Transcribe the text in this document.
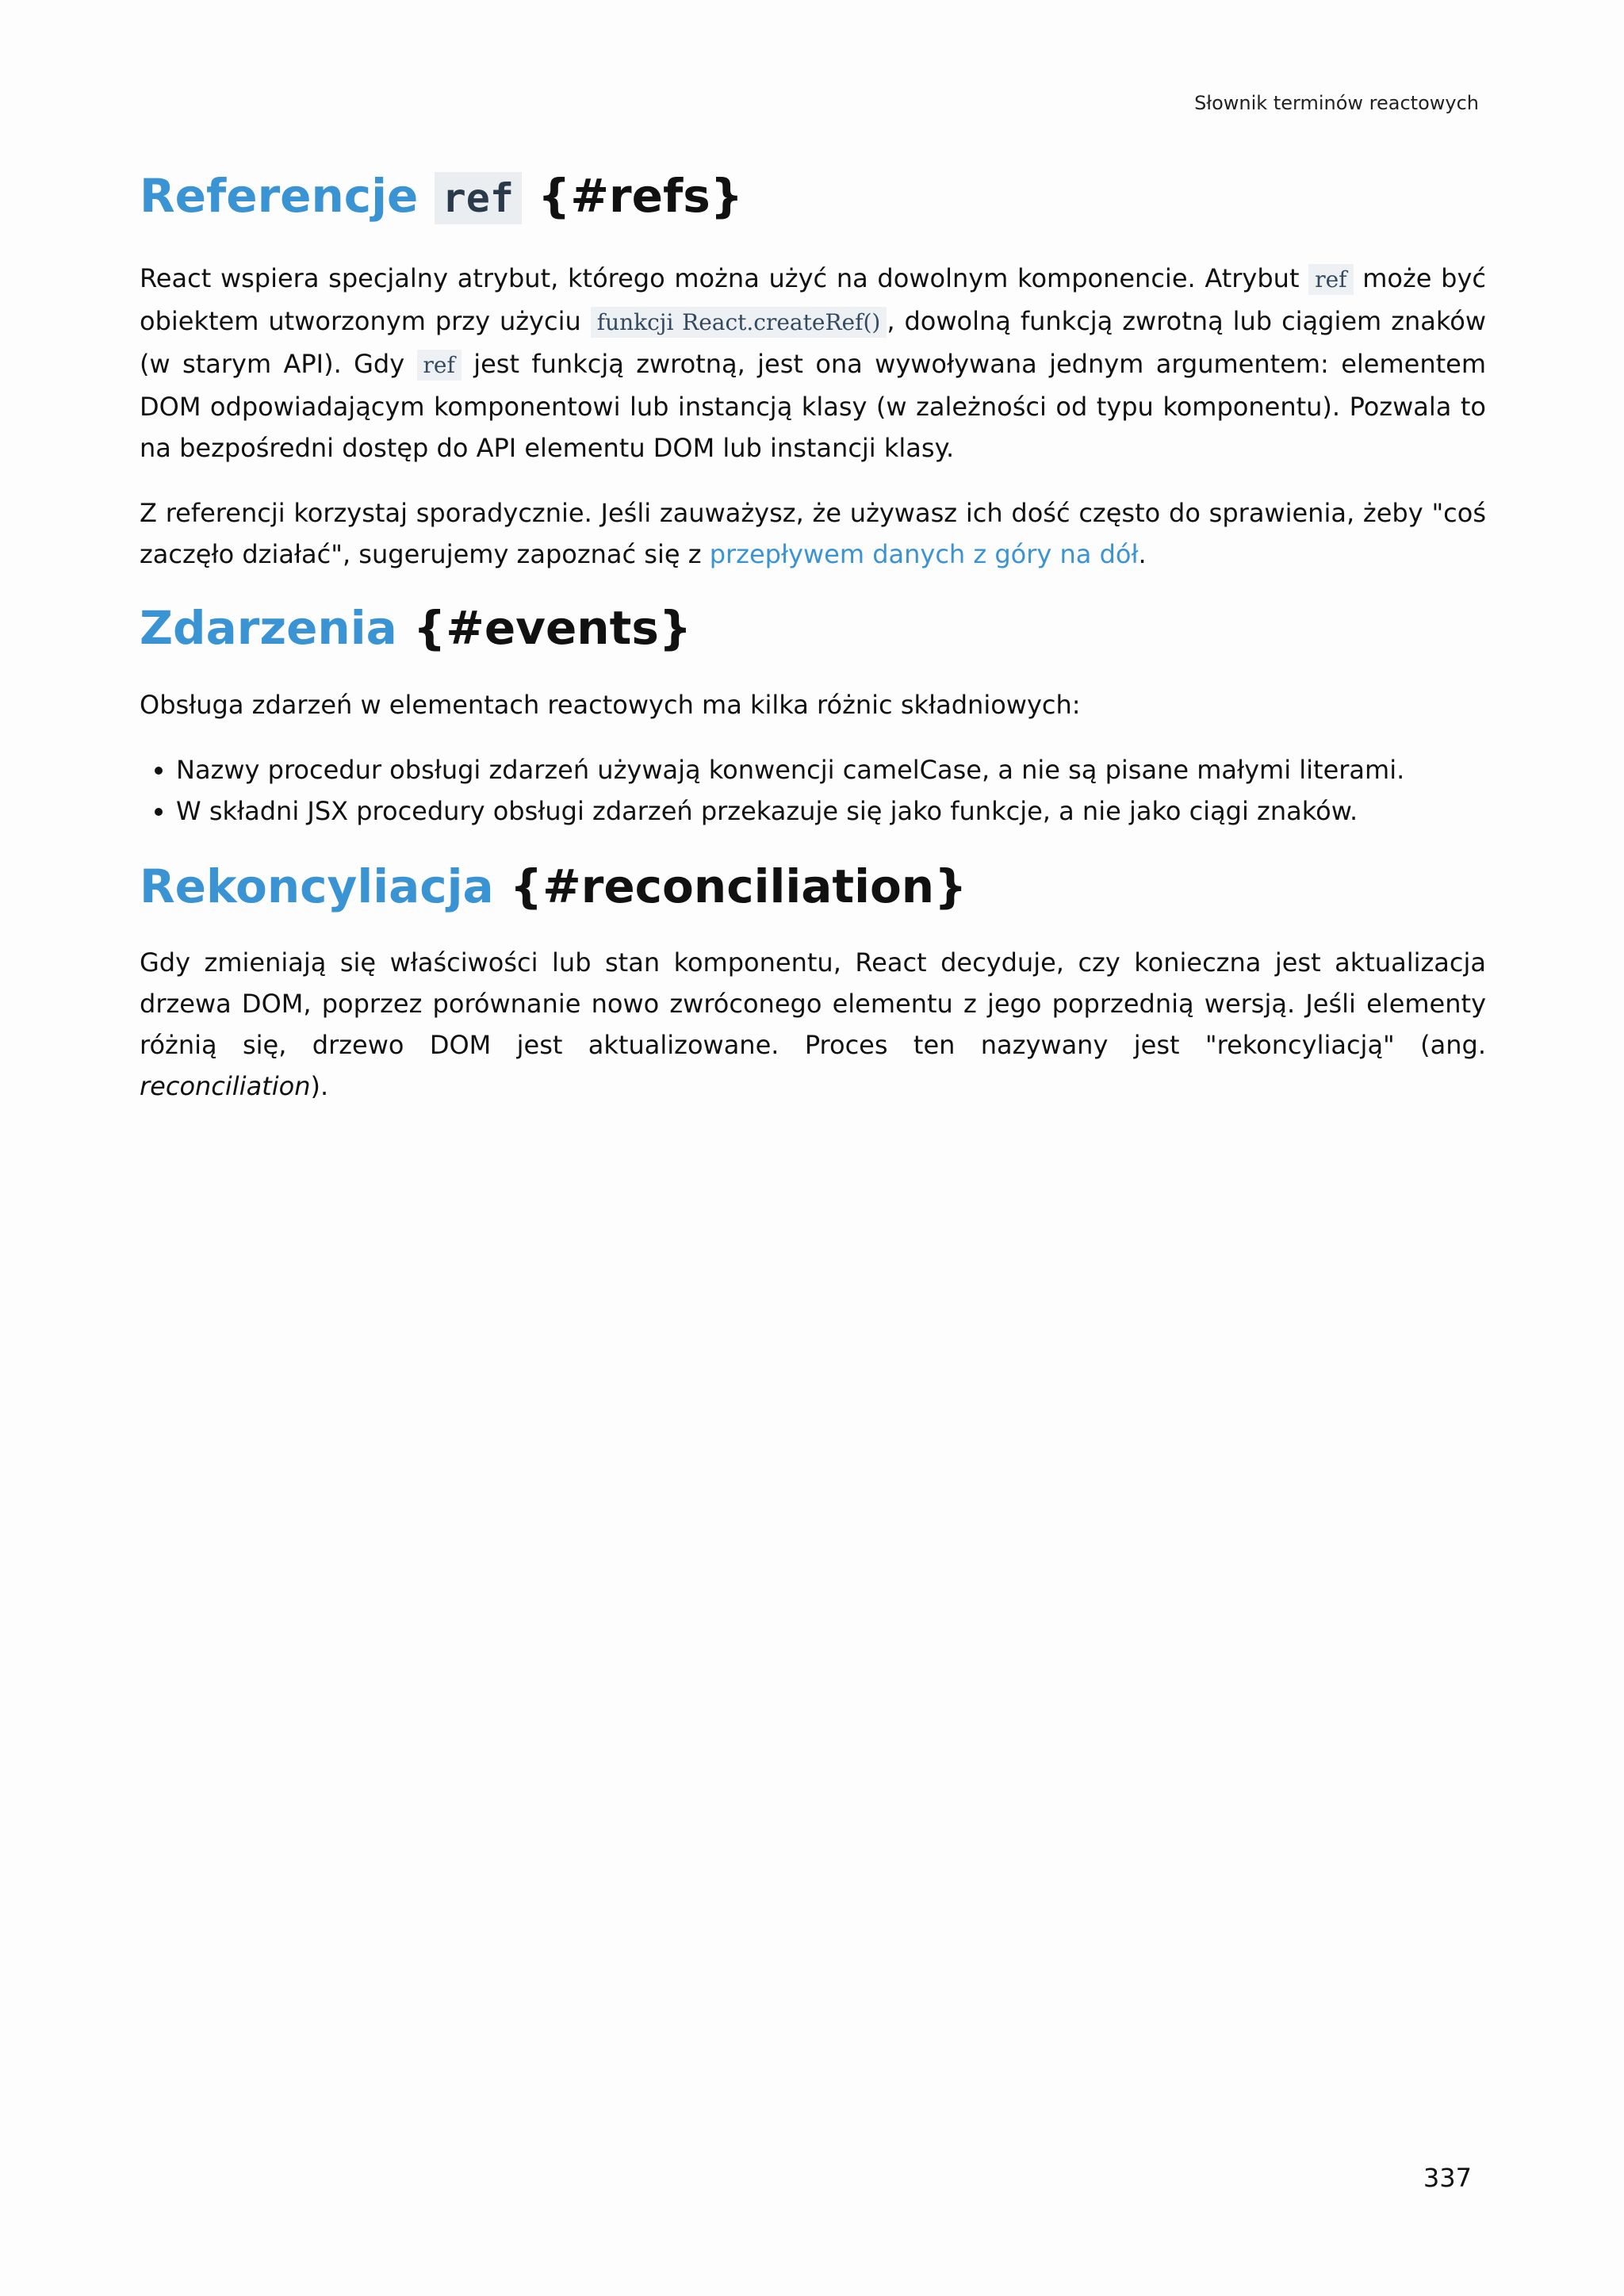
Słownik terminów reactowych
Referencje ref {#refs}

React wspiera specjalny atrybut, którego można użyć na dowolnym komponencie. Atrybut ref może być obiektem utworzonym przy użyciu funkcji React.createRef() , dowolną funkcją zwrotną lub ciągiem znaków (w starym API). Gdy ref jest funkcją zwrotną, jest ona wywoływana jednym argumentem: elementem DOM odpowiadającym komponentowi lub instancją klasy (w zależności od typu komponentu). Pozwala to na bezpośredni dostęp do API elementu DOM lub instancji klasy.

Z referencji korzystaj sporadycznie. Jeśli zauważysz, że używasz ich dość często do sprawienia, żeby "coś zaczęło działać", sugerujemy zapoznać się z przepływem danych z góry na dół.

Zdarzenia {#events}

Obsługa zdarzeń w elementach reactowych ma kilka różnic składniowych:

• Nazwy procedur obsługi zdarzeń używają konwencji camelCase, a nie są pisane małymi literami.
• W składni JSX procedury obsługi zdarzeń przekazuje się jako funkcje, a nie jako ciągi znaków.
Rekoncyliacja {#reconciliation}

Gdy zmieniają się właściwości lub stan komponentu, React decyduje, czy konieczna jest aktualizacja drzewa DOM, poprzez porównanie nowo zwróconego elementu z jego poprzednią wersją. Jeśli elementy różnią się, drzewo DOM jest aktualizowane. Proces ten nazywany jest "rekoncyliacją" (ang. reconciliation).

337
